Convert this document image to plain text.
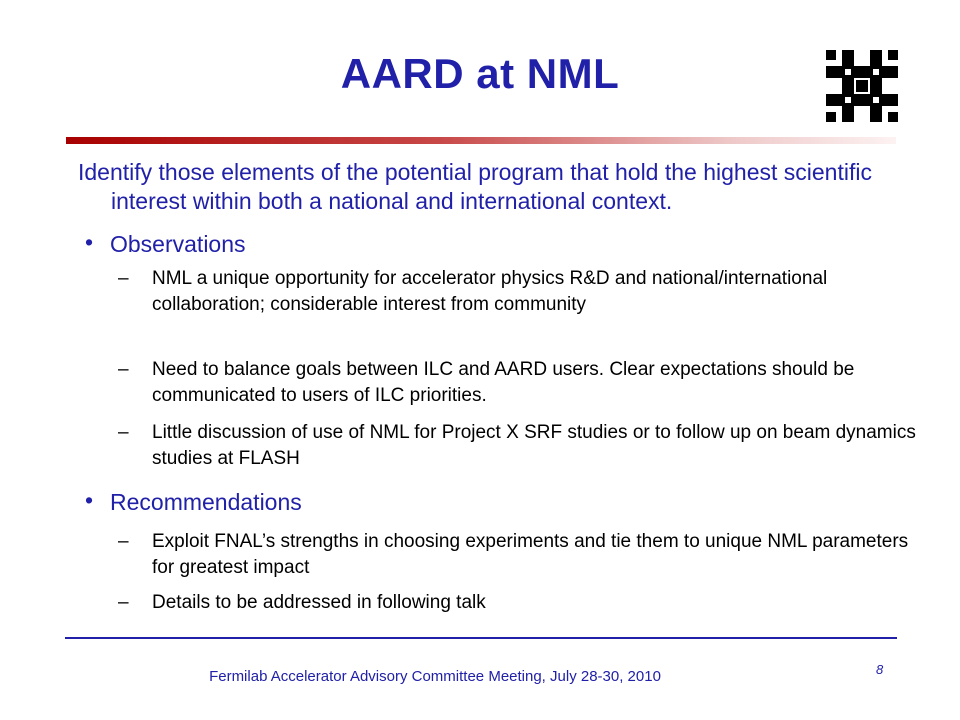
AARD at NML
Identify those elements of the potential program that hold the highest scientific interest within both a national and international context.
• Observations
– NML a unique opportunity for accelerator physics R&D and national/international collaboration; considerable interest from community
– Need to balance goals between ILC and AARD users. Clear expectations should be communicated to users of ILC priorities.
– Little discussion of use of NML for Project X SRF studies or to follow up on beam dynamics studies at FLASH
• Recommendations
– Exploit FNAL’s strengths in choosing experiments and tie them to unique NML parameters for greatest impact
– Details to be addressed in following talk
Fermilab Accelerator Advisory Committee Meeting, July 28-30, 2010	8
